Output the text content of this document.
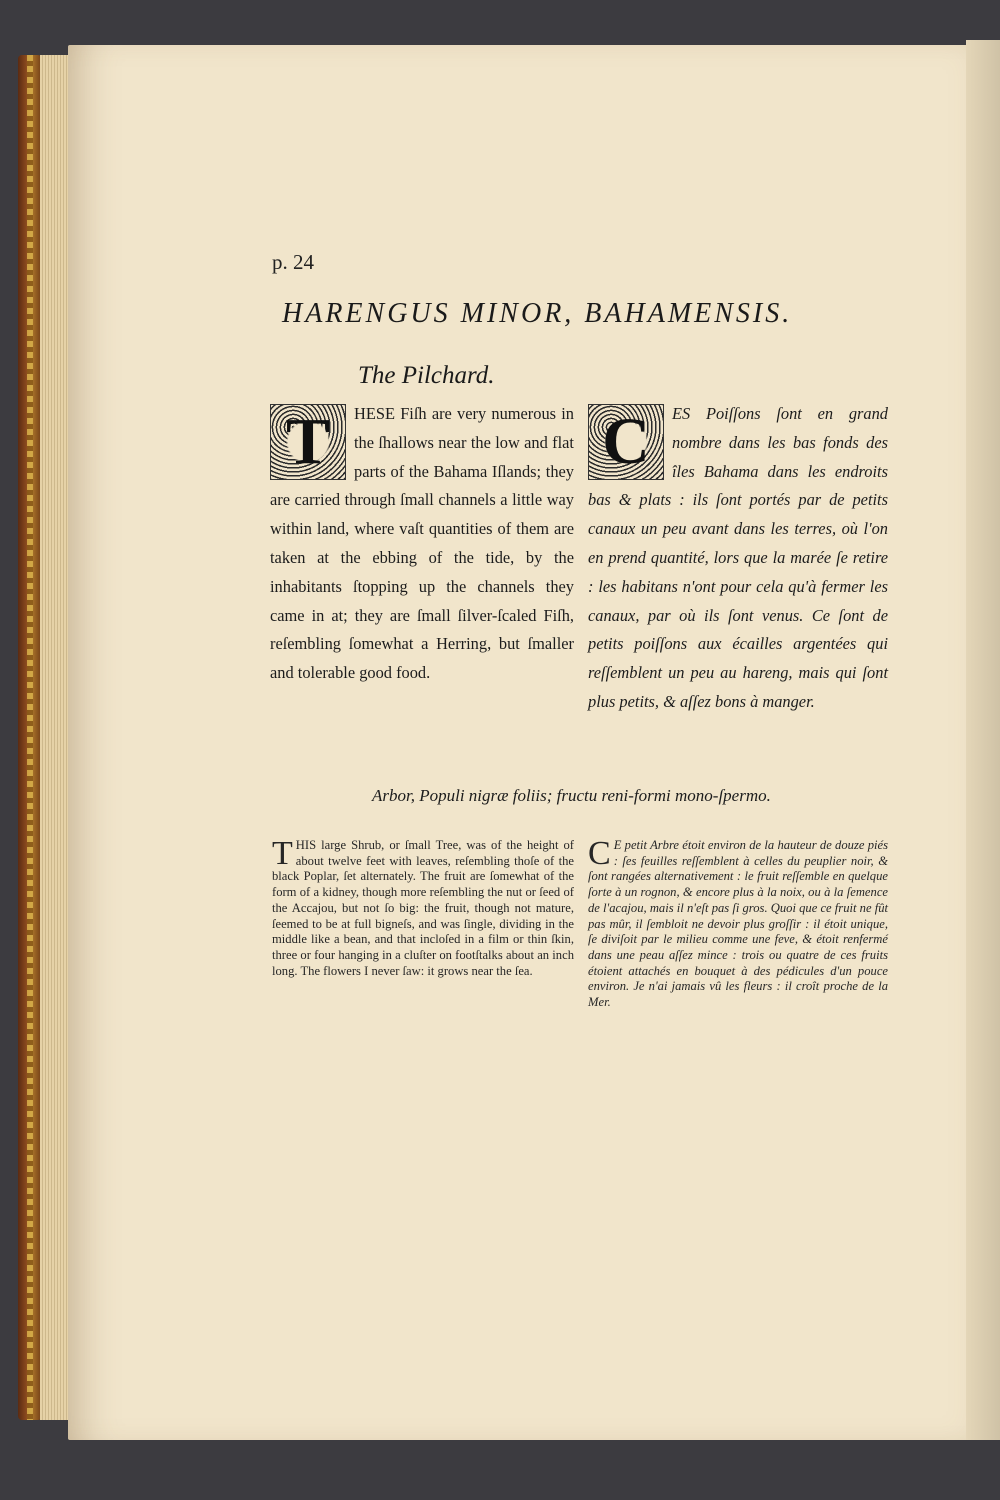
p. 24
HARENGUS MINOR, BAHAMENSIS.
The Pilchard.
T	HESE Fiſh are very numerous in the ſhallows near the low and flat parts of the Bahama Iſlands; they are carried through ſmall channels a little way within land, where vaſt quantities of them are taken at the ebbing of the tide, by the inhabitants ſtopping up the channels they came in at; they are ſmall ſilver-ſcaled Fiſh, reſembling ſomewhat a Herring, but ſmaller and tolerable good food.
C	ES Poiſſons ſont en grand nombre dans les bas fonds des îles Bahama dans les endroits bas & plats : ils ſont portés par de petits canaux un peu avant dans les terres, où l'on en prend quantité, lors que la marée ſe retire : les habitans n'ont pour cela qu'à fermer les canaux, par où ils ſont venus. Ce ſont de petits poiſſons aux écailles argentées qui reſſemblent un peu au hareng, mais qui ſont plus petits, & aſſez bons à manger.
Arbor, Populi nigræ foliis; fructu reni-formi mono-ſpermo.
T HIS large Shrub, or ſmall Tree, was of the height of about twelve feet with leaves, reſembling thoſe of the black Poplar, ſet alternately. The fruit are ſomewhat of the form of a kidney, though more reſembling the nut or ſeed of the Accajou, but not ſo big: the fruit, though not mature, ſeemed to be at full bigneſs, and was ſingle, dividing in the middle like a bean, and that incloſed in a film or thin ſkin, three or four hanging in a cluſter on footſtalks about an inch long. The flowers I never ſaw: it grows near the ſea.
C E petit Arbre étoit environ de la hauteur de douze piés : ſes feuilles reſſemblent à celles du peuplier noir, & ſont rangées alternativement : le fruit reſſemble en quelque ſorte à un rognon, & encore plus à la noix, ou à la ſemence de l'acajou, mais il n'eſt pas ſi gros. Quoi que ce fruit ne fût pas mûr, il ſembloit ne devoir plus groſſir : il étoit unique, ſe diviſoit par le milieu comme une feve, & étoit renfermé dans une peau aſſez mince : trois ou quatre de ces fruits étoient attachés en bouquet à des pédicules d'un pouce environ. Je n'ai jamais vû les fleurs : il croît proche de la Mer.
